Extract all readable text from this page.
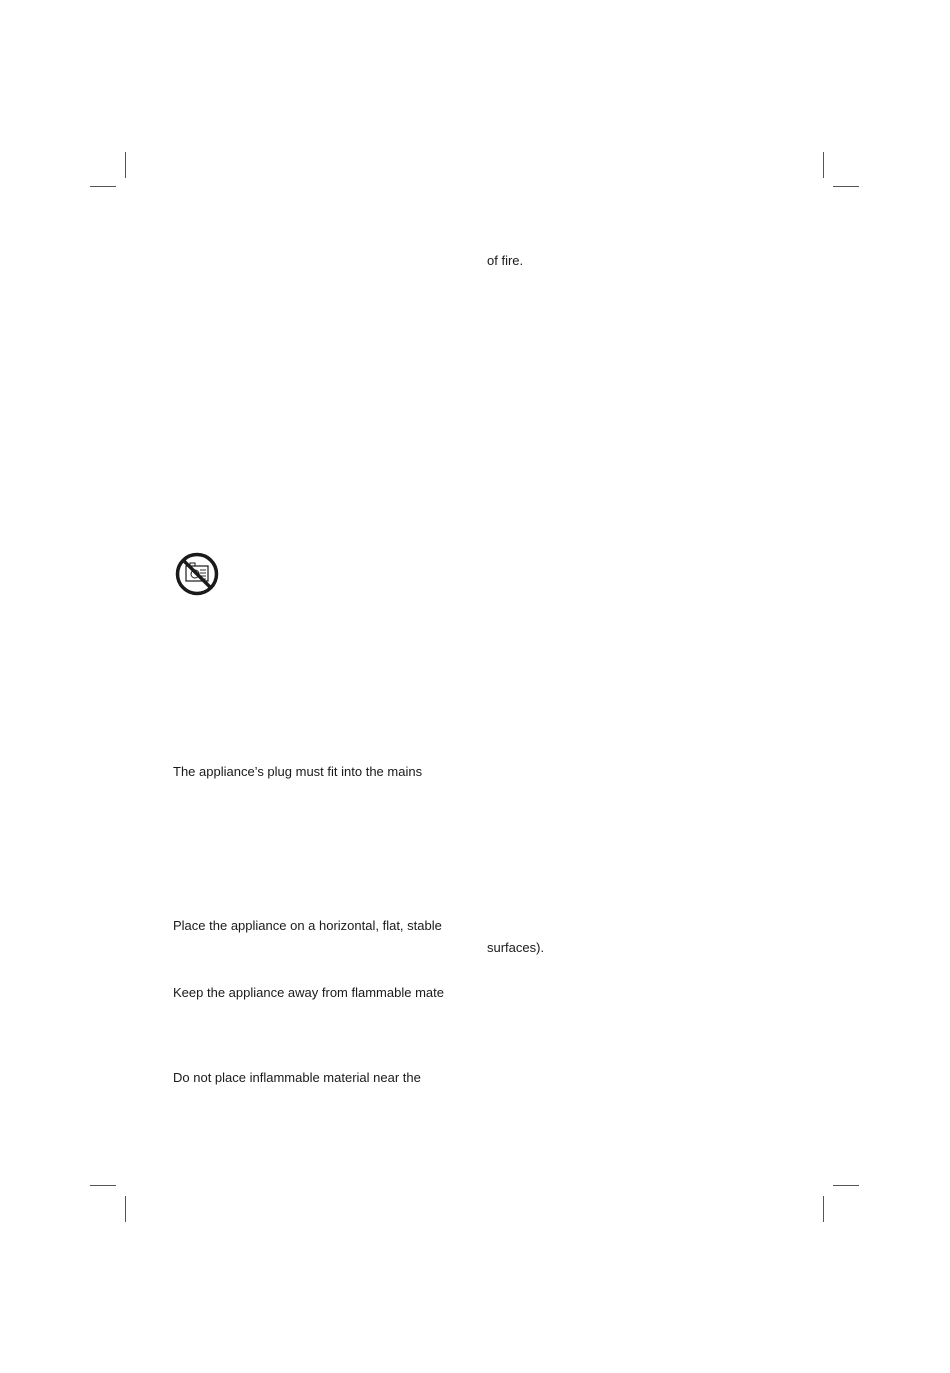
of fire.
The appliance’s plug must fit into the mains
Place the appliance on a horizontal, flat, stable
surfaces).
Keep the appliance away from flammable mate
Do not place inflammable material near the
